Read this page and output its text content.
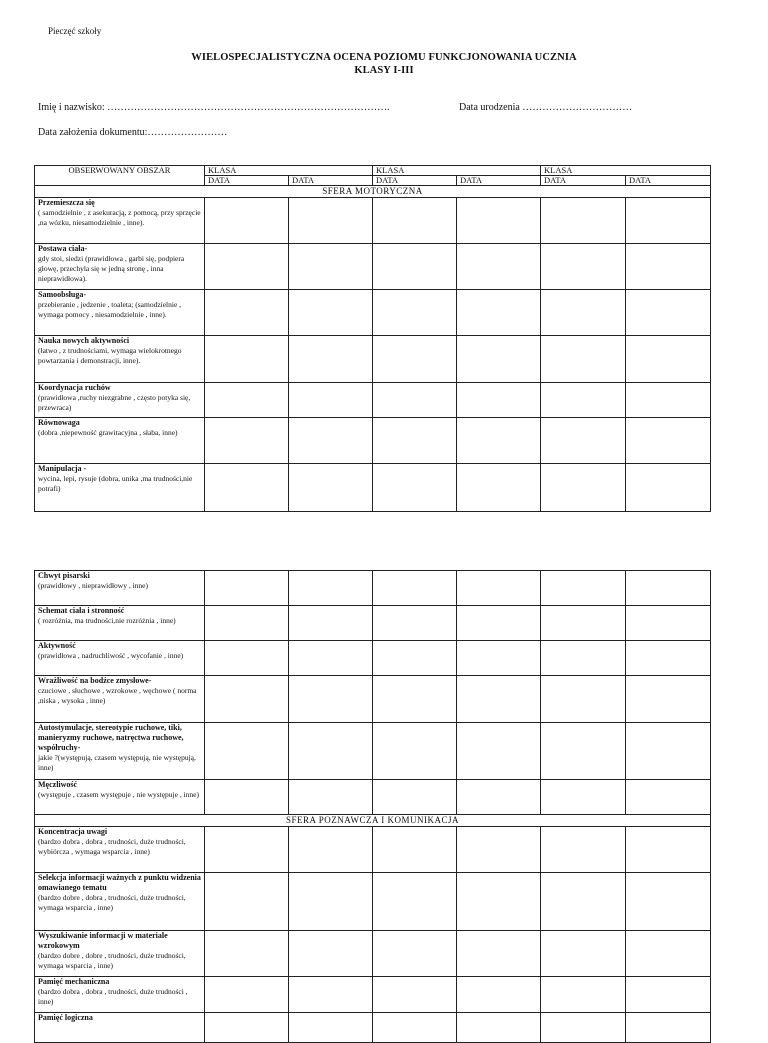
Pieczęć szkoły
WIELOSPECJALISTYCZNA OCENA POZIOMU FUNKCJONOWANIA UCZNIA
KLASY I-III
Imię i nazwisko: ………………………………………………………………………….	Data urodzenia ……………………………
Data założenia dokumentu:……………………
OBSERWOWANY OBSZAR	KLASA		KLASA		KLASA	
	DATA	DATA	DATA	DATA	DATA	DATA
SFERA MOTORYCZNA						

Przemieszcza się
( samodzielnie , z asekuracją, z pomocą, przy sprzęcie ,na wózku, niesamodzielnie , inne).						

Postawa ciała-
gdy stoi, siedzi (prawidłowa , garbi się, podpiera głowę, przechyla się w jedną stronę , inna nieprawidłowa).						

Samoobsługa-
przebieranie , jedzenie , toaleta; (samodzielnie , wymaga pomocy , niesamodzielnie , inne).						

Nauka nowych aktywności
(łatwo , z trudnościami, wymaga wielokrotnego powtarzania i demonstracji, inne).						

Koordynacja ruchów
(prawidłowa ,ruchy niezgrabne , często potyka się, przewraca)						

Równowaga
(dobra ,niepewność grawitacyjna , słaba, inne)						

Manipulacja -
wycina, lepi, rysuje (dobra, unika ,ma trudności,nie potrafi)						

Chwyt pisarski
(prawidłowy , nieprawidłowy , inne)						

Schemat ciała i stronność
( rozróżnia, ma trudności,nie rozróżnia , inne)						

Aktywność
(prawidłowa , nadruchliwość , wycofanie , inne)						

Wrażliwość na bodźce zmysłowe-
czuciowe , słuchowe , wzrokowe , węchowe ( norma ,niska , wysoka , inne)						

Autostymulacje, stereotypie ruchowe, tiki, manieryzmy ruchowe, natręctwa ruchowe, współruchy-
jakie ?(występują, czasem występują, nie występują, inne)						

Męczliwość
(występuje , czasem występuje , nie występuje , inne)						

SFERA POZNAWCZA I KOMUNIKACJA						

Koncentracja uwagi
(bardzo dobra , dobra , trudności, duże trudności, wybiórcza , wymaga wsparcia , inne)						

Selekcja informacji ważnych z punktu widzenia omawianego tematu
(bardzo dobre , dobra , trudności, duże trudności, wymaga wsparcia , inne)						

Wyszukiwanie informacji w materiale wzrokowym
(bardzo dobre , dobre , trudności, duże trudności, wymaga wsparcia , inne)						

Pamięć mechaniczna
(bardzo dobra , dobra , trudności, duże trudności , inne)						

Pamięć logiczna						
